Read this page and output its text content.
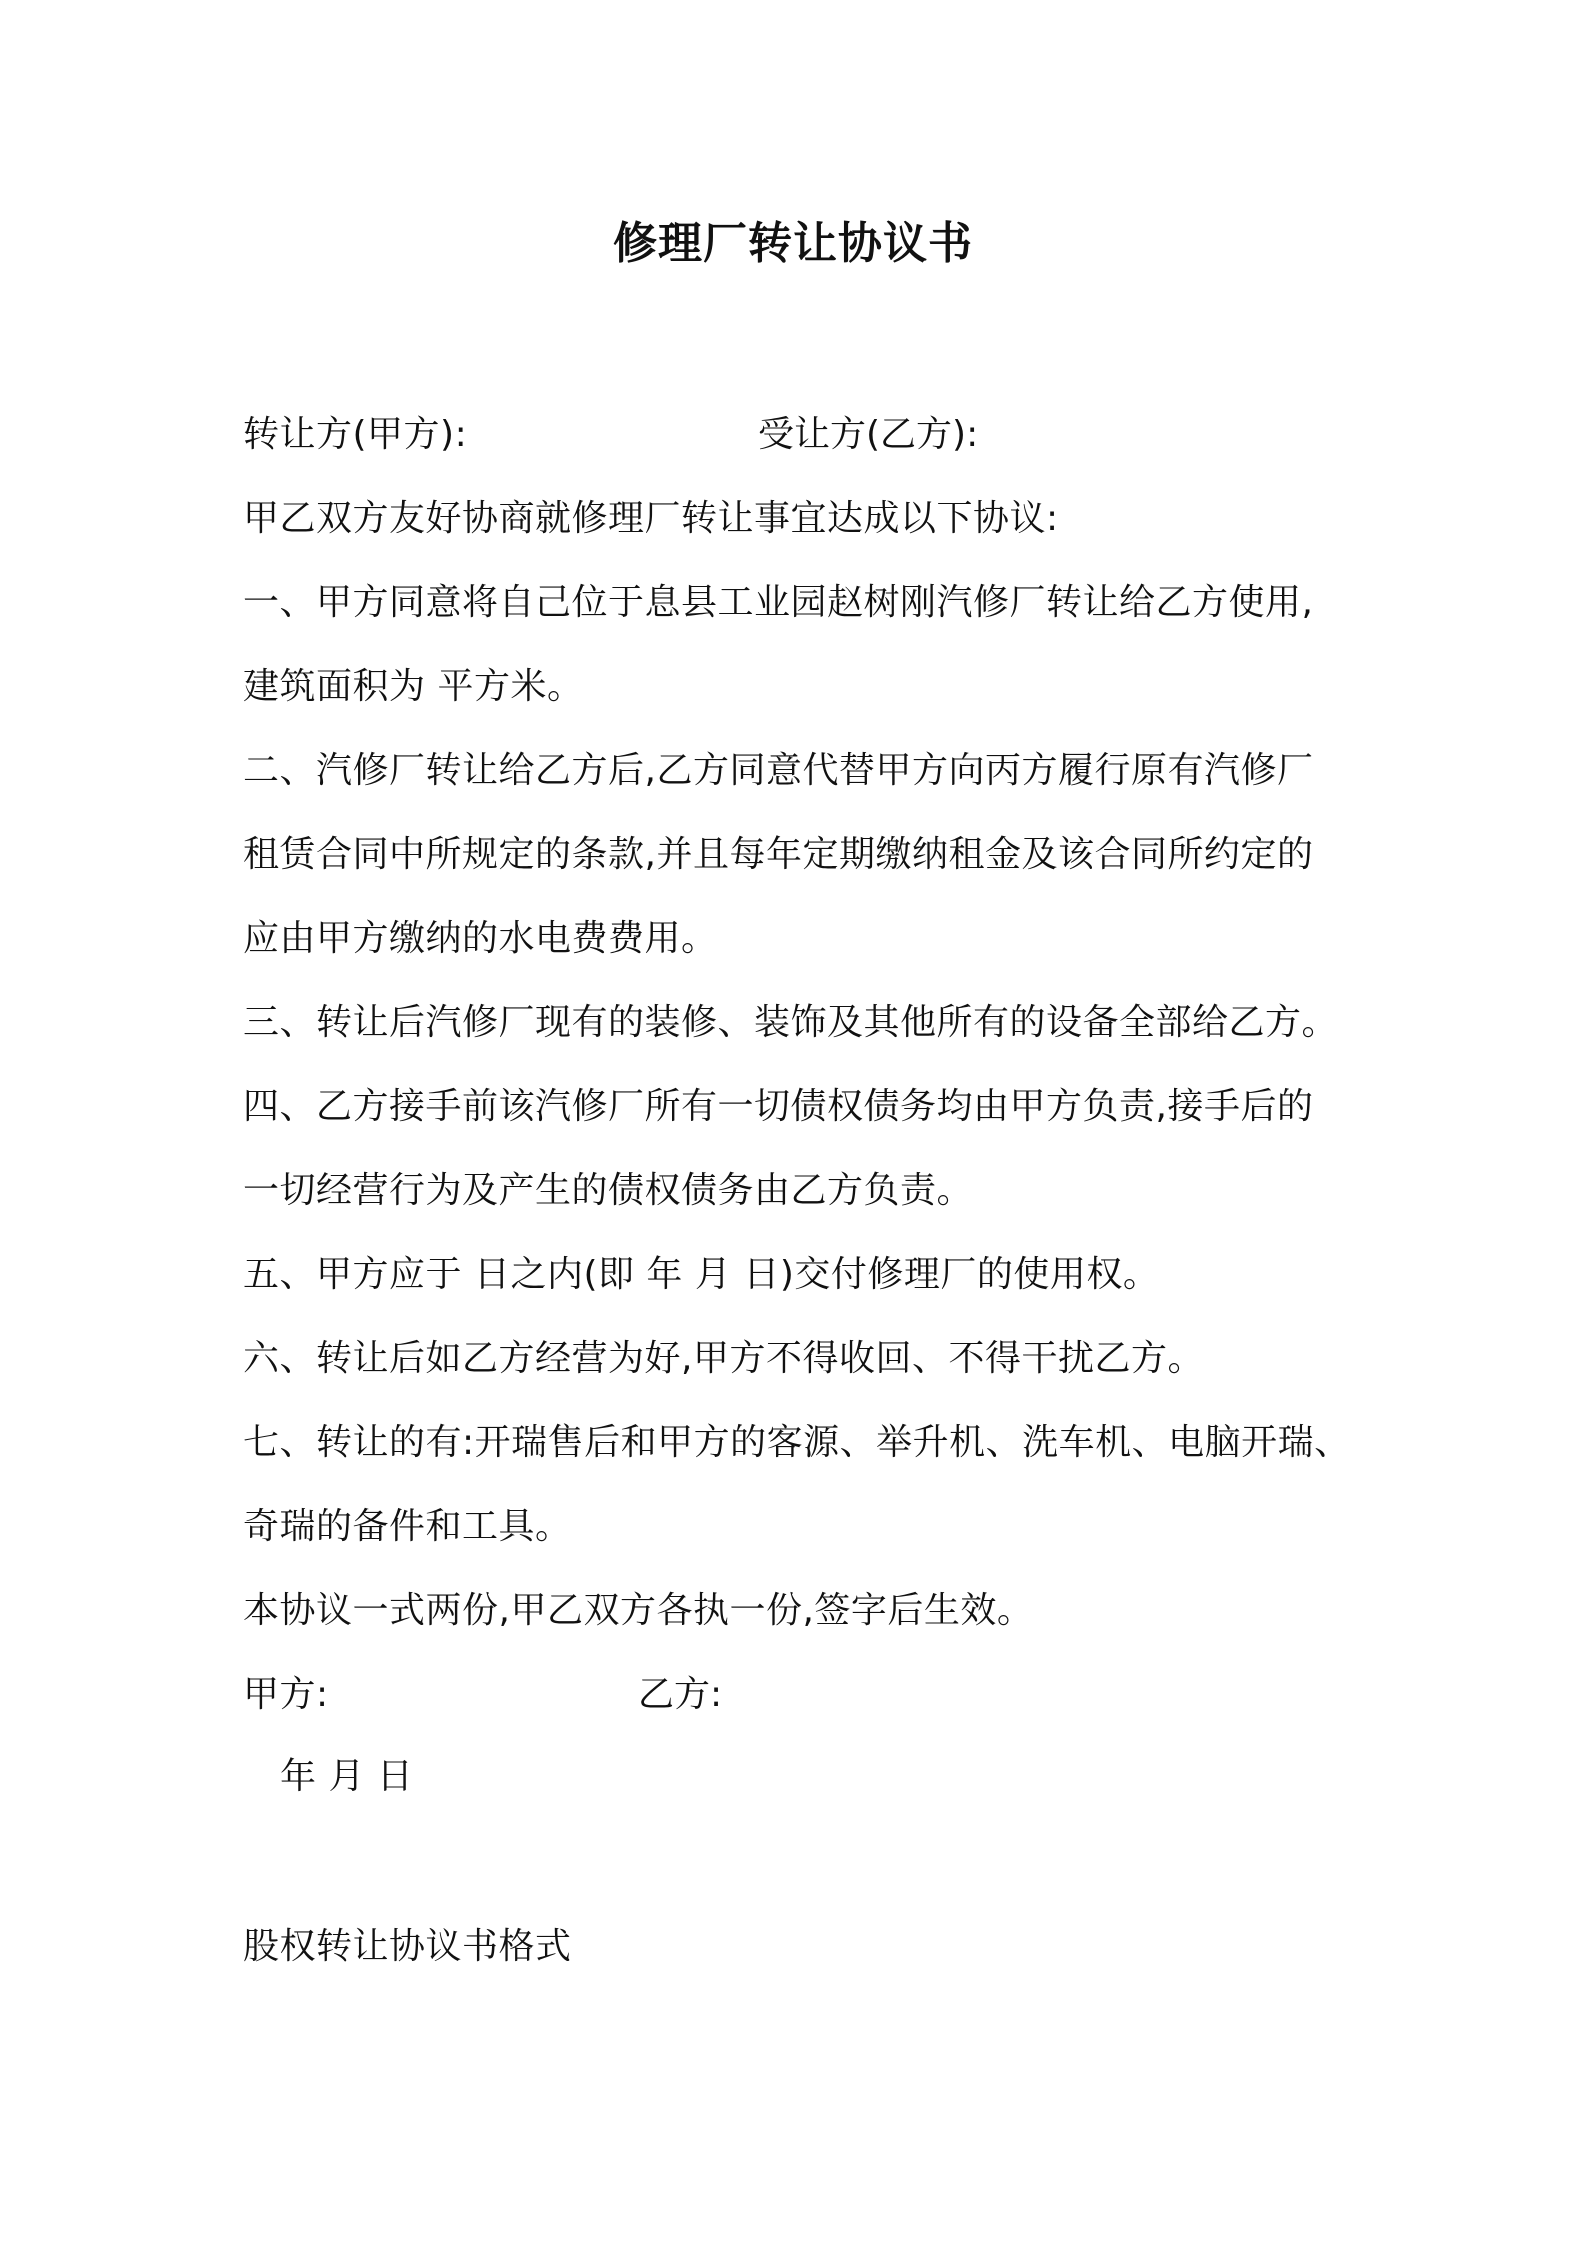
修理厂转让协议书
转让方(甲方):	受让方(乙方):
甲乙双方友好协商就修理厂转让事宜达成以下协议:
一、甲方同意将自己位于息县工业园赵树刚汽修厂转让给乙方使用,
建筑面积为 平方米。
二、汽修厂转让给乙方后,乙方同意代替甲方向丙方履行原有汽修厂
租赁合同中所规定的条款,并且每年定期缴纳租金及该合同所约定的
应由甲方缴纳的水电费费用。
三、转让后汽修厂现有的装修、装饰及其他所有的设备全部给乙方。
四、乙方接手前该汽修厂所有一切债权债务均由甲方负责,接手后的
一切经营行为及产生的债权债务由乙方负责。
五、甲方应于 日之内(即 年 月 日)交付修理厂的使用权。
六、转让后如乙方经营为好,甲方不得收回、不得干扰乙方。
七、转让的有:开瑞售后和甲方的客源、举升机、洗车机、电脑开瑞、
奇瑞的备件和工具。
本协议一式两份,甲乙双方各执一份,签字后生效。
甲方:	乙方:
年 月 日
股权转让协议书格式
